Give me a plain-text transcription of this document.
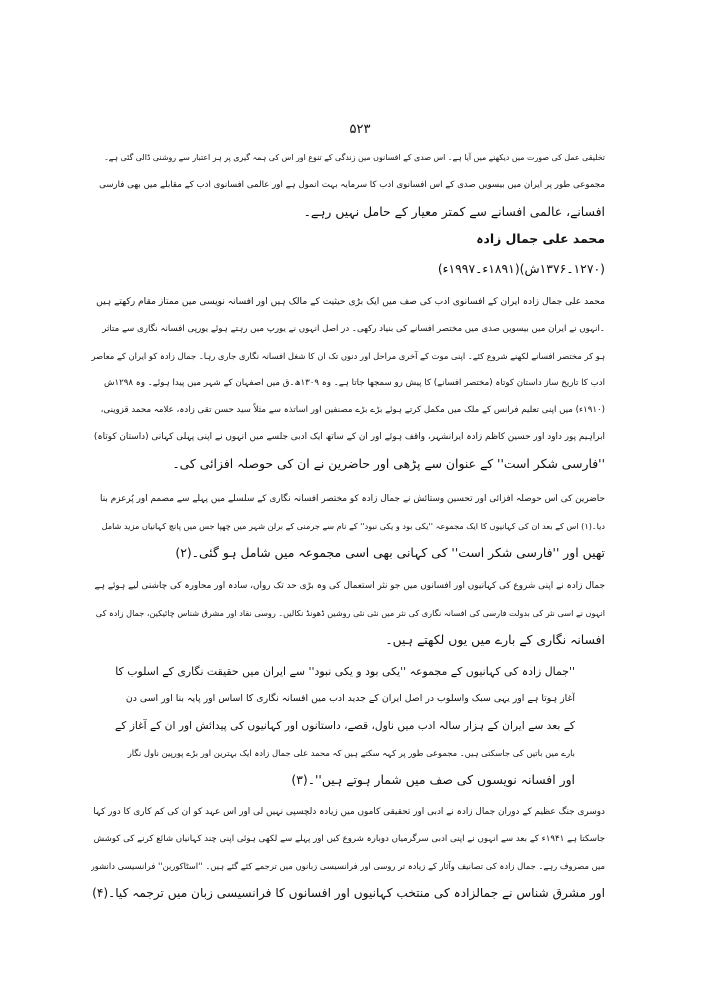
۵۲۳
تخلیقی عمل کی صورت میں دیکھنے میں آیا ہے۔ اس صدی کے افسانوں میں زندگی کے تنوع اور اس کی ہمہ گیری پر ہر اعتبار سے روشنی ڈالی گئی ہے۔
مجموعی طور پر ایران میں بیسویں صدی کے اس افسانوی ادب کا سرمایہ بہت انمول ہے اور عالمی افسانوی ادب کے مقابلے میں بھی فارسی
افسانے، عالمی افسانے سے کمتر معیار کے حامل نہیں رہے۔
محمد علی جمال زادہ
(۱۲۷۰۔۱۳۷۶ش)(۱۸۹۱ء۔۱۹۹۷ء)
محمد علی جمال زادہ ایران کے افسانوی ادب کی صف میں ایک بڑی حیثیت کے مالک ہیں اور افسانہ نویسی میں ممتاز مقام رکھتے ہیں
۔انہوں نے ایران میں بیسویں صدی میں مختصر افسانے کی بنیاد رکھی۔ در اصل انہوں نے یورپ میں رہتے ہوئے یورپی افسانہ نگاری سے متاثر
ہو کر مختصر افسانے لکھنے شروع کئے۔ اپنی موت کے آخری مراحل اور دنوں تک ان کا شغل افسانہ نگاری جاری رہا۔ جمال زادہ کو ایران کے معاصر
ادب کا تاریخ ساز داستان کوتاہ (مختصر افسانے) کا پیش رو سمجھا جاتا ہے۔ وہ ۱۳۰۹ھ۔ق میں اصفہان کے شہر میں پیدا ہوئے۔ وہ ۱۲۹۸ش
(۱۹۱۰ء) میں اپنی تعلیم فرانس کے ملک میں مکمل کرتے ہوئے بڑے بڑے مصنفین اور اساتذہ سے مثلاً سید حسن تقی زادہ، علامہ محمد قزوینی،
ابراہیم پور داود اور حسین کاظم زادہ ایرانشہر، واقف ہوئے اور ان کے ساتھ ایک ادبی جلسے میں انہوں نے اپنی پہلی کہانی (داستان کوتاہ)
''فارسی شکر است'' کے عنوان سے پڑھی اور حاضرین نے ان کی حوصلہ افزائی کی۔
حاضرین کی اس حوصلہ افزائی اور تحسین وستائش نے جمال زادہ کو مختصر افسانہ نگاری کے سلسلے میں پہلے سے مصمم اور پُرعزم بنا
دیا۔(۱) اس کے بعد ان کی کہانیوں کا ایک مجموعہ ''یکی بود و یکی نبود'' کے نام سے جرمنی کے برلن شہر میں چھپا جس میں پانچ کہانیاں مزید شامل
تھیں اور ''فارسی شکر است'' کی کہانی بھی اسی مجموعہ میں شامل ہو گئی۔(۲)
جمال زادہ نے اپنی شروع کی کہانیوں اور افسانوں میں جو نثر استعمال کی وہ بڑی حد تک رواں، سادہ اور محاورہ کی چاشنی لیے ہوئے ہے
انہوں نے اسی نثر کی بدولت فارسی کی افسانہ نگاری کی نثر میں نئی نئی روشیں ڈھونڈ نکالیں۔ روسی نقاد اور مشرق شناس چائیکین، جمال زادہ کی
افسانہ نگاری کے بارے میں یوں لکھتے ہیں۔
''جمال زادہ کی کہانیوں کے مجموعہ ''یکی بود و یکی نبود'' سے ایران میں حقیقت نگاری کے اسلوب کا
آغاز ہوتا ہے اور یہی سبک واسلوب در اصل ایران کے جدید ادب میں افسانہ نگاری کا اساس اور پایہ بنا اور اسی دن
کے بعد سے ایران کے ہزار سالہ ادب میں ناول، قصے، داستانوں اور کہانیوں کی پیدائش اور ان کے آغاز کے
بارے میں باتیں کی جاسکتی ہیں۔ مجموعی طور پر کہہ سکتے ہیں کہ محمد علی جمال زادہ ایک بہترین اور بڑے پورپین ناول نگار
اور افسانہ نویسوں کی صف میں شمار ہوتے ہیں''۔(۳)
دوسری جنگ عظیم کے دوران جمال زادہ نے ادبی اور تحقیقی کاموں میں زیادہ دلچسپی نہیں لی اور اس عہد کو ان کی کم کاری کا دور کہا
جاسکتا ہے ۱۹۴۱ء کے بعد سے انہوں نے اپنی ادبی سرگرمیاں دوبارہ شروع کیں اور پہلے سے لکھی ہوئی اپنی چند کہانیاں شائع کرنے کی کوشش
میں مصروف رہے۔ جمال زادہ کی تصانیف وآثار کے زیادہ تر روسی اور فرانسیسی زبانوں میں ترجمے کئے گئے ہیں۔ ''اسٹاکوربن'' فرانسیسی دانشور
اور مشرق شناس نے جمالزادہ کی منتخب کہانیوں اور افسانوں کا فرانسیسی زبان میں ترجمہ کیا۔(۴)
